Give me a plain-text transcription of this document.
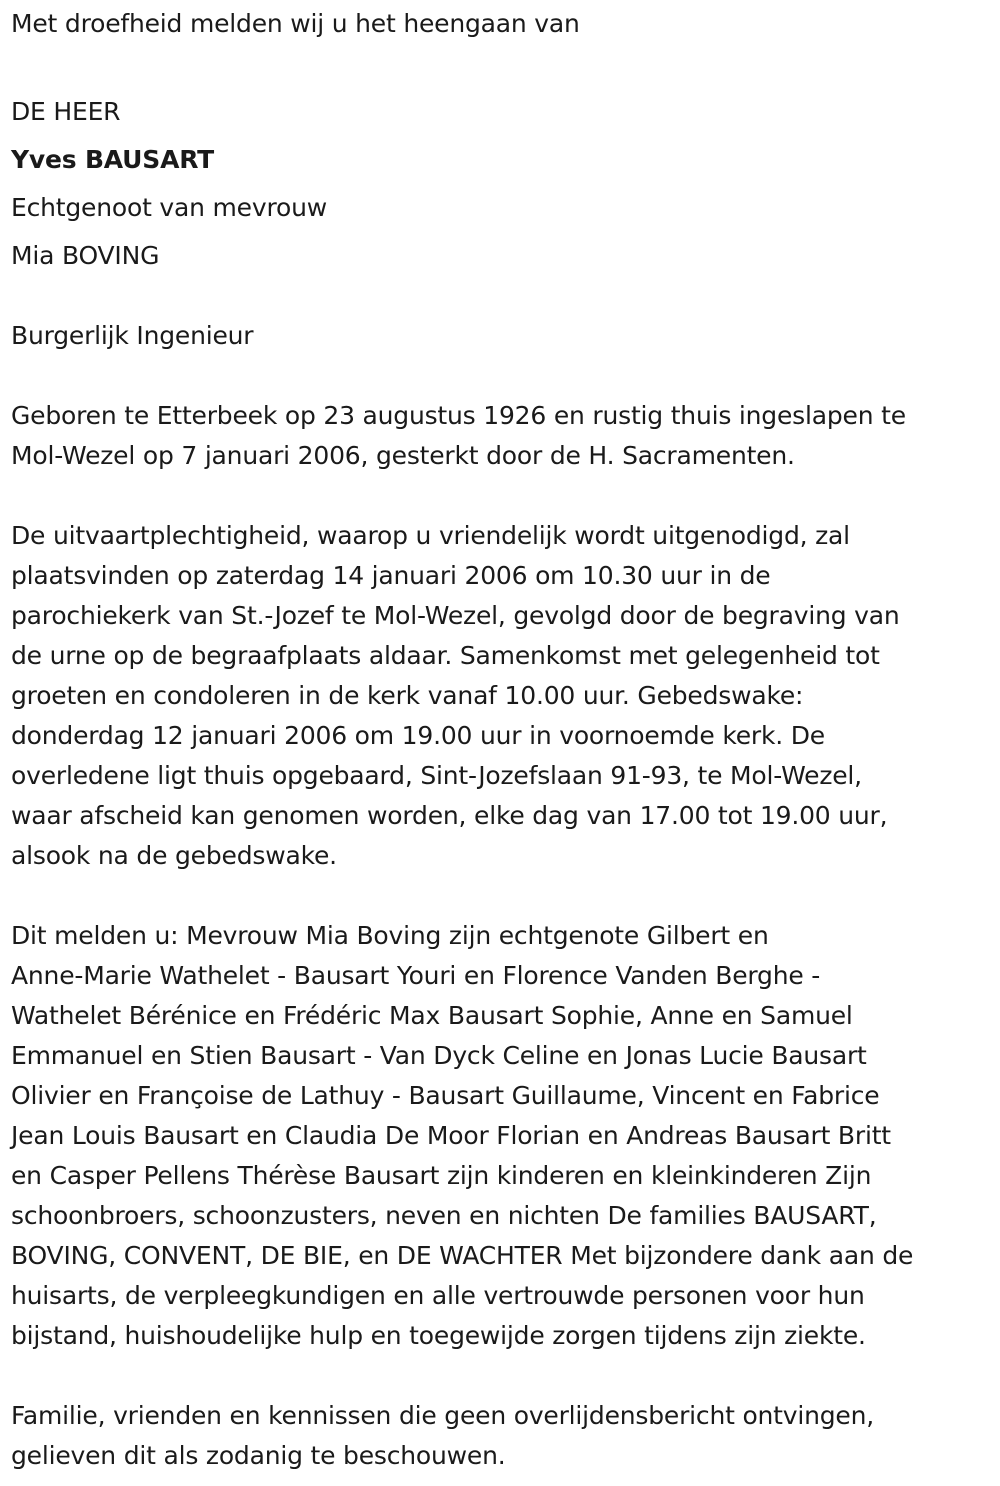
Met droefheid melden wij u het heengaan van
DE HEER
Yves BAUSART
Echtgenoot van mevrouw
Mia BOVING
Burgerlijk Ingenieur
Geboren te Etterbeek op 23 augustus 1926 en rustig thuis ingeslapen te
Mol-Wezel op 7 januari 2006, gesterkt door de H. Sacramenten.
De uitvaartplechtigheid, waarop u vriendelijk wordt uitgenodigd, zal
plaatsvinden op zaterdag 14 januari 2006 om 10.30 uur in de
parochiekerk van St.-Jozef te Mol-Wezel, gevolgd door de begraving van
de urne op de begraafplaats aldaar. Samenkomst met gelegenheid tot
groeten en condoleren in de kerk vanaf 10.00 uur. Gebedswake:
donderdag 12 januari 2006 om 19.00 uur in voornoemde kerk. De
overledene ligt thuis opgebaard, Sint-Jozefslaan 91-93, te Mol-Wezel,
waar afscheid kan genomen worden, elke dag van 17.00 tot 19.00 uur,
alsook na de gebedswake.
Dit melden u: Mevrouw Mia Boving zijn echtgenote Gilbert en
Anne-Marie Wathelet - Bausart Youri en Florence Vanden Berghe -
Wathelet Bérénice en Frédéric Max Bausart Sophie, Anne en Samuel
Emmanuel en Stien Bausart - Van Dyck Celine en Jonas Lucie Bausart
Olivier en Françoise de Lathuy - Bausart Guillaume, Vincent en Fabrice
Jean Louis Bausart en Claudia De Moor Florian en Andreas Bausart Britt
en Casper Pellens Thérèse Bausart zijn kinderen en kleinkinderen Zijn
schoonbroers, schoonzusters, neven en nichten De families BAUSART,
BOVING, CONVENT, DE BIE, en DE WACHTER Met bijzondere dank aan de
huisarts, de verpleegkundigen en alle vertrouwde personen voor hun
bijstand, huishoudelijke hulp en toegewijde zorgen tijdens zijn ziekte.
Familie, vrienden en kennissen die geen overlijdensbericht ontvingen,
gelieven dit als zodanig te beschouwen.
